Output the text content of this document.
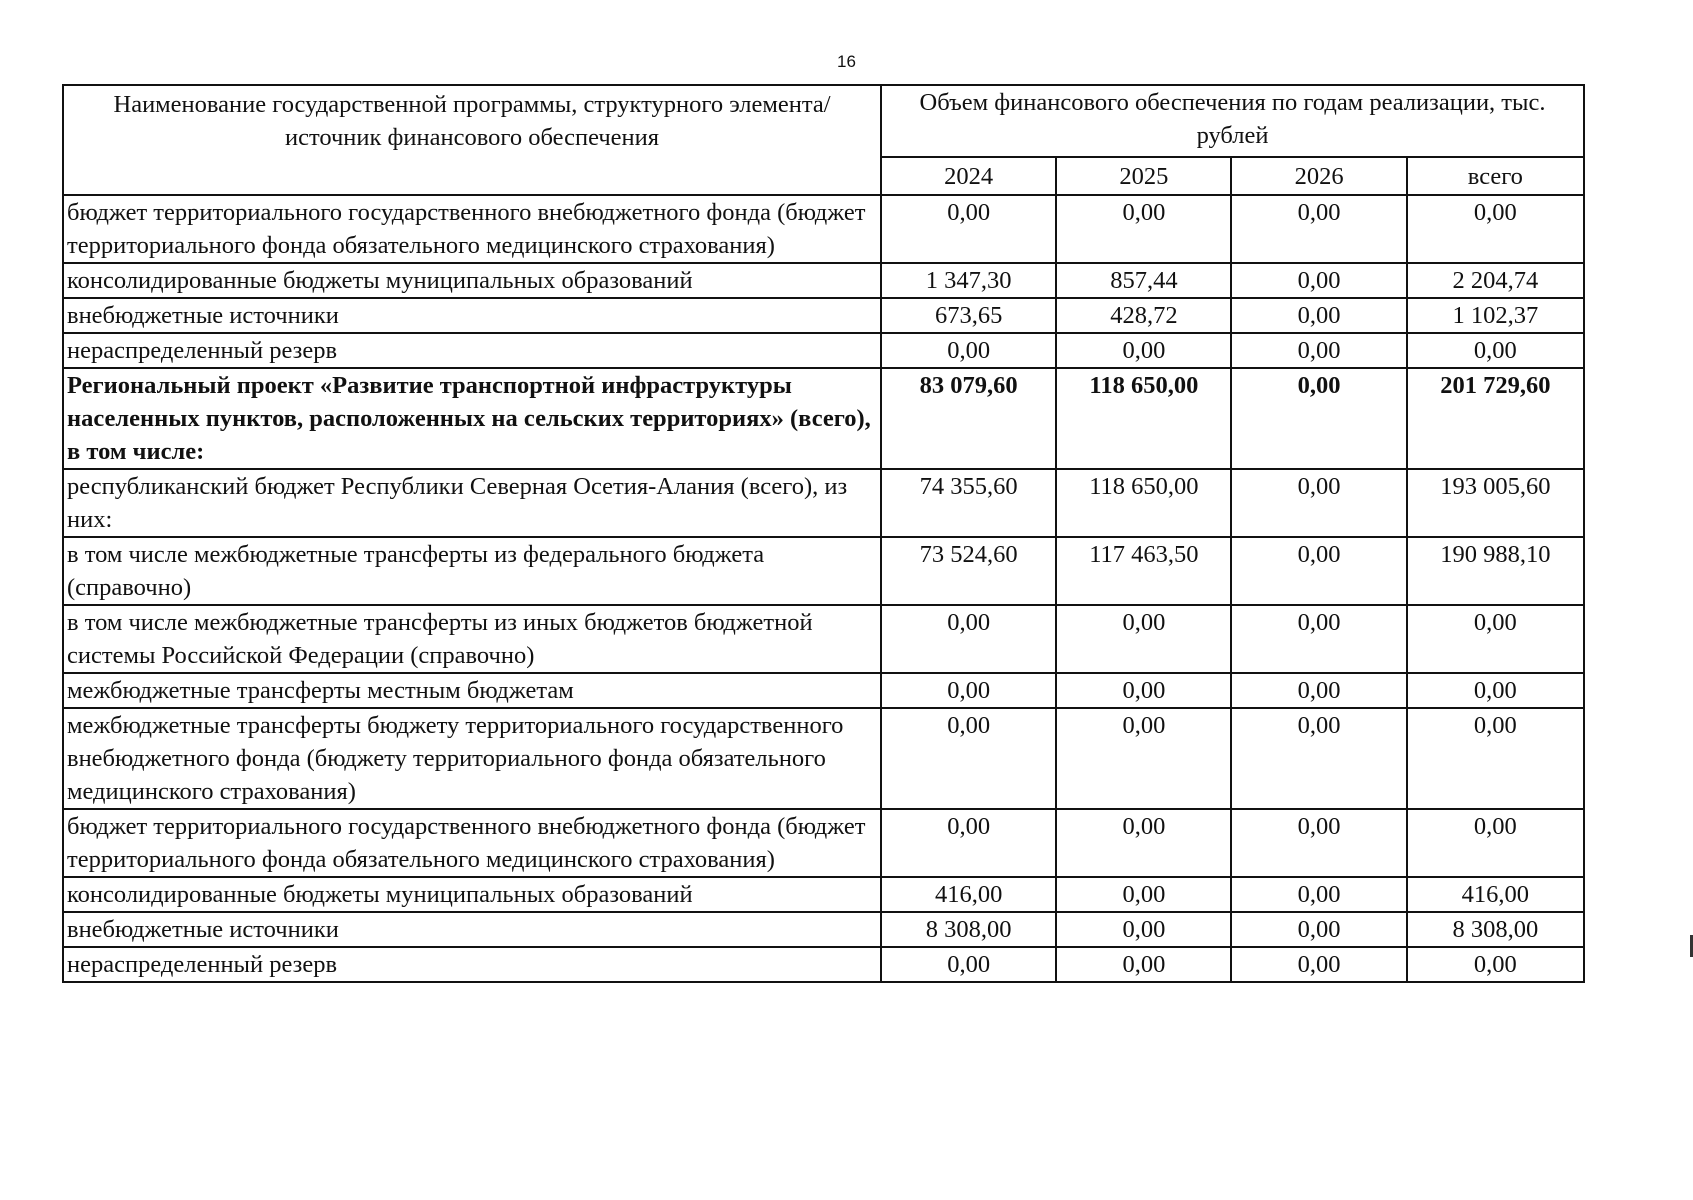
16
Наименование государственной программы, структурного элемента/источник финансового обеспечения	Объем финансового обеспечения по годам реализации, тыс. рублей			
	2024	2025	2026	всего
бюджет территориального государственного внебюджетного фонда (бюджет территориального фонда обязательного медицинского страхования)	0,00	0,00	0,00	0,00
консолидированные бюджеты муниципальных образований	1 347,30	857,44	0,00	2 204,74
внебюджетные источники	673,65	428,72	0,00	1 102,37
нераспределенный резерв	0,00	0,00	0,00	0,00
Региональный проект «Развитие транспортной инфраструктуры населенных пунктов, расположенных на сельских территориях» (всего), в том числе:	83 079,60	118 650,00	0,00	201 729,60
республиканский бюджет Республики Северная Осетия-Алания (всего), из них:	74 355,60	118 650,00	0,00	193 005,60
в том числе межбюджетные трансферты из федерального бюджета (справочно)	73 524,60	117 463,50	0,00	190 988,10
в том числе межбюджетные трансферты из иных бюджетов бюджетной системы Российской Федерации (справочно)	0,00	0,00	0,00	0,00
межбюджетные трансферты местным бюджетам	0,00	0,00	0,00	0,00
межбюджетные трансферты бюджету территориального государственного внебюджетного фонда (бюджету территориального фонда обязательного медицинского страхования)	0,00	0,00	0,00	0,00
бюджет территориального государственного внебюджетного фонда (бюджет территориального фонда обязательного медицинского страхования)	0,00	0,00	0,00	0,00
консолидированные бюджеты муниципальных образований	416,00	0,00	0,00	416,00
внебюджетные источники	8 308,00	0,00	0,00	8 308,00
нераспределенный резерв	0,00	0,00	0,00	0,00
